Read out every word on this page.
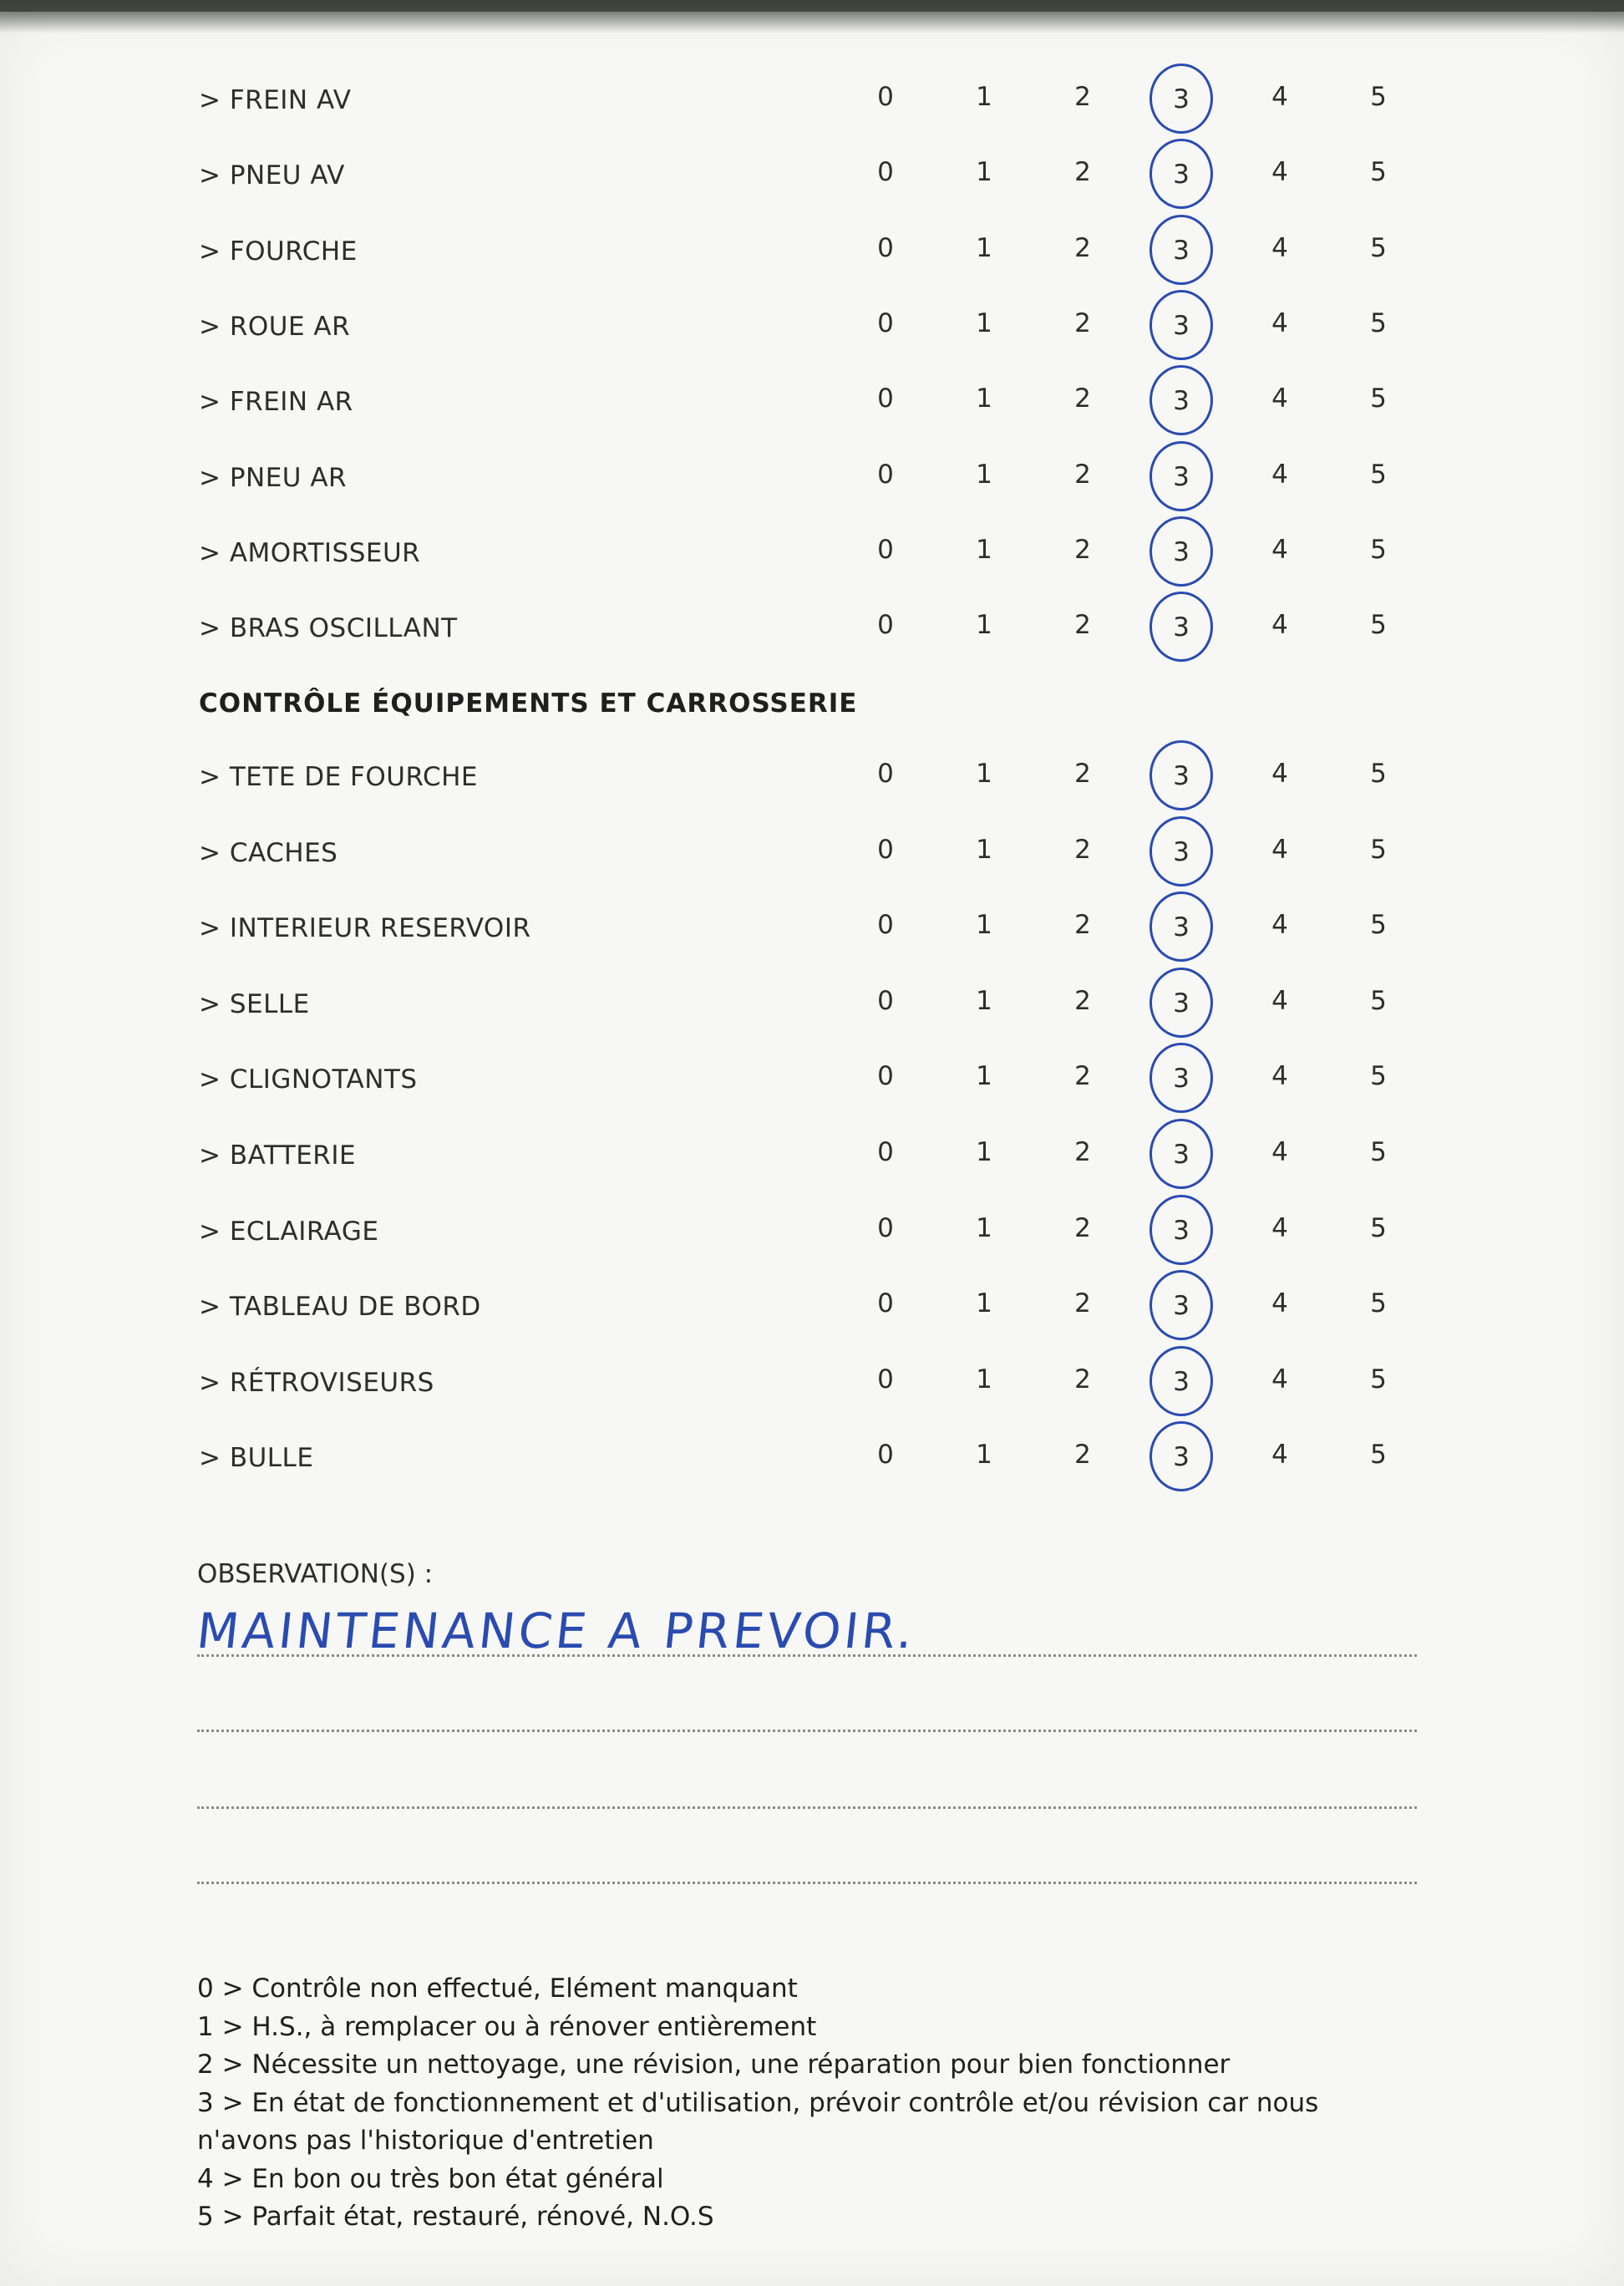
> FREIN AV	0	1	2	3	4	5
> PNEU AV	0	1	2	3	4	5
> FOURCHE	0	1	2	3	4	5
> ROUE AR	0	1	2	3	4	5
> FREIN AR	0	1	2	3	4	5
> PNEU AR	0	1	2	3	4	5
> AMORTISSEUR	0	1	2	3	4	5
> BRAS OSCILLANT	0	1	2	3	4	5
CONTRÔLE ÉQUIPEMENTS ET CARROSSERIE
> TETE DE FOURCHE	0	1	2	3	4	5
> CACHES	0	1	2	3	4	5
> INTERIEUR RESERVOIR	0	1	2	3	4	5
> SELLE	0	1	2	3	4	5
> CLIGNOTANTS	0	1	2	3	4	5
> BATTERIE	0	1	2	3	4	5
> ECLAIRAGE	0	1	2	3	4	5
> TABLEAU DE BORD	0	1	2	3	4	5
> RÉTROVISEURS	0	1	2	3	4	5
> BULLE	0	1	2	3	4	5
OBSERVATION(S) :
MAINTENANCE A PREVOIR.
0 > Contrôle non effectué, Elément manquant
1 > H.S., à remplacer ou à rénover entièrement
2 > Nécessite un nettoyage, une révision, une réparation pour bien fonctionner
3 > En état de fonctionnement et d'utilisation, prévoir contrôle et/ou révision car nous
n'avons pas l'historique d'entretien
4 > En bon ou très bon état général
5 > Parfait état, restauré, rénové, N.O.S
